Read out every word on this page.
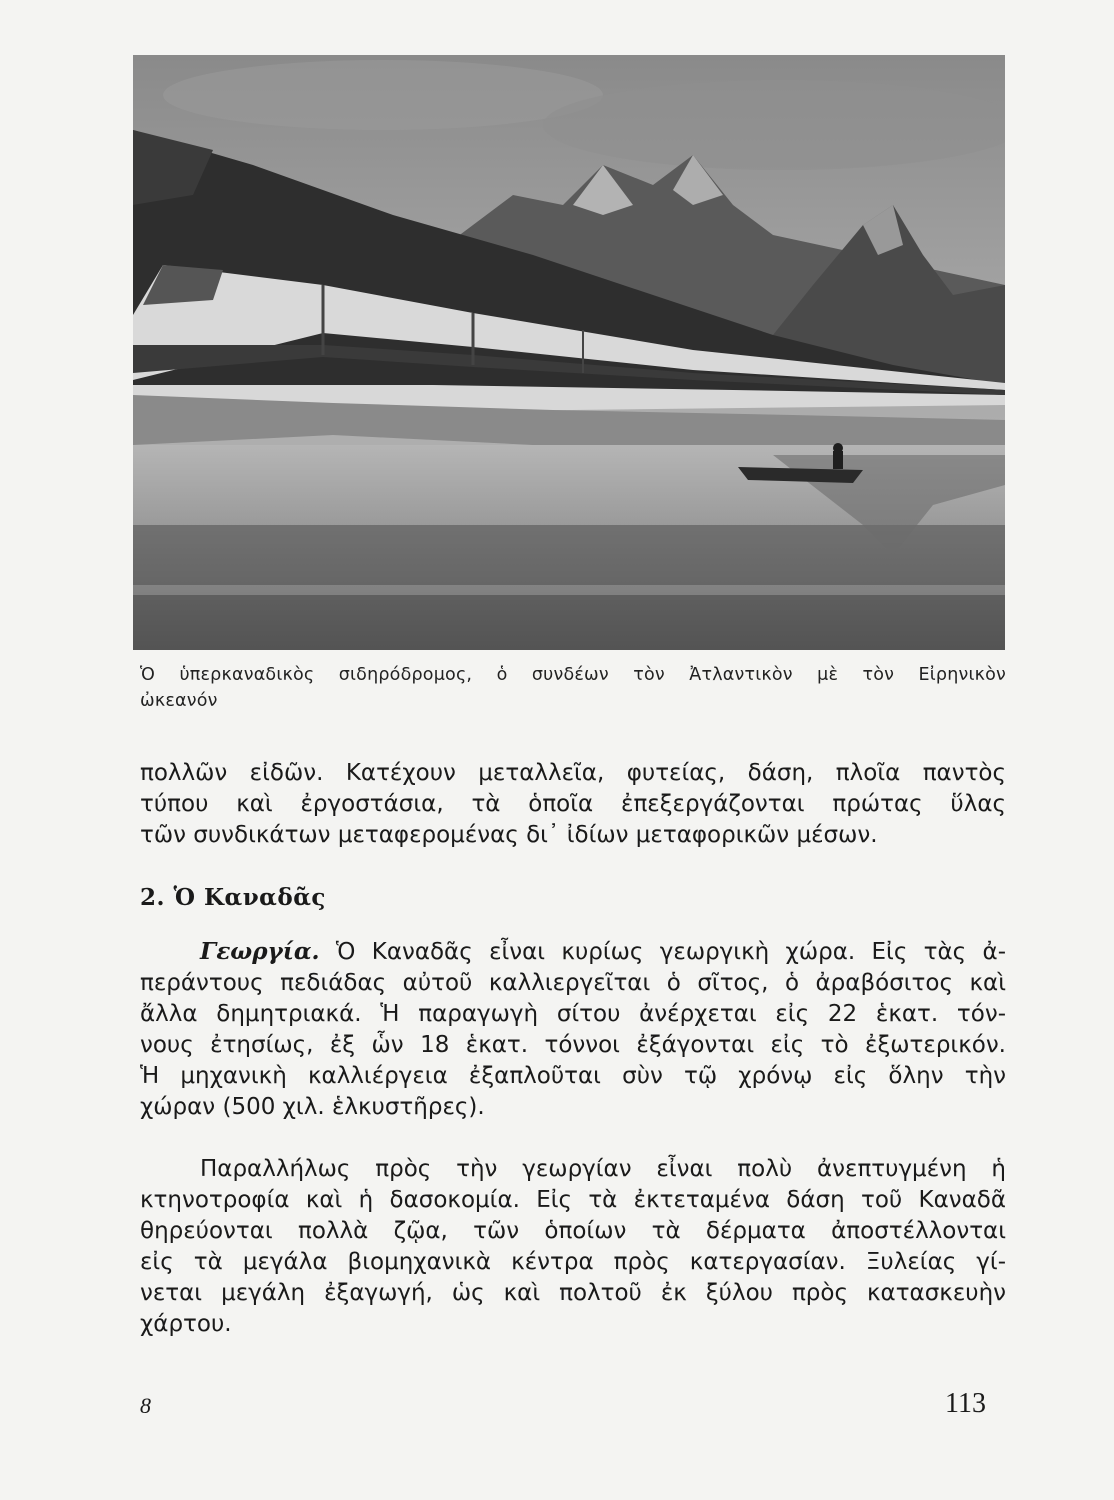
Ὁ ὑπερκαναδικὸς σιδηρόδρομος, ὁ συνδέων τὸν Ἀτλαντικὸν μὲ τὸν Εἰρηνικὸν
ὠκεανόν
πολλῶν εἰδῶν. Κατέχουν μεταλλεῖα, φυτείας, δάση, πλοῖα παντὸς
τύπου καὶ ἐργοστάσια, τὰ ὁποῖα ἐπεξεργάζονται πρώτας ὕλας
τῶν συνδικάτων μεταφερομένας δι᾿ ἰδίων μεταφορικῶν μέσων.
2. Ὁ Καναδᾶς
Γεωργία. Ὁ Καναδᾶς εἶναι κυρίως γεωργικὴ χώρα. Εἰς τὰς ἀ-
περάντους πεδιάδας αὐτοῦ καλλιεργεῖται ὁ σῖτος, ὁ ἀραβόσιτος καὶ
ἄλλα δημητριακά. Ἡ παραγωγὴ σίτου ἀνέρχεται εἰς 22 ἑκατ. τόν-
νους ἐτησίως, ἐξ ὧν 18 ἑκατ. τόννοι ἐξάγονται εἰς τὸ ἐξωτερικόν.
Ἡ μηχανικὴ καλλιέργεια ἐξαπλοῦται σὺν τῷ χρόνῳ εἰς ὅλην τὴν
χώραν (500 χιλ. ἑλκυστῆρες).
Παραλλήλως πρὸς τὴν γεωργίαν εἶναι πολὺ ἀνεπτυγμένη ἡ
κτηνοτροφία καὶ ἡ δασοκομία. Εἰς τὰ ἐκτεταμένα δάση τοῦ Καναδᾶ
θηρεύονται πολλὰ ζῷα, τῶν ὁποίων τὰ δέρματα ἀποστέλλονται
εἰς τὰ μεγάλα βιομηχανικὰ κέντρα πρὸς κατεργασίαν. Ξυλείας γί-
νεται μεγάλη ἐξαγωγή, ὡς καὶ πολτοῦ ἐκ ξύλου πρὸς κατασκευὴν
χάρτου.
8	113
